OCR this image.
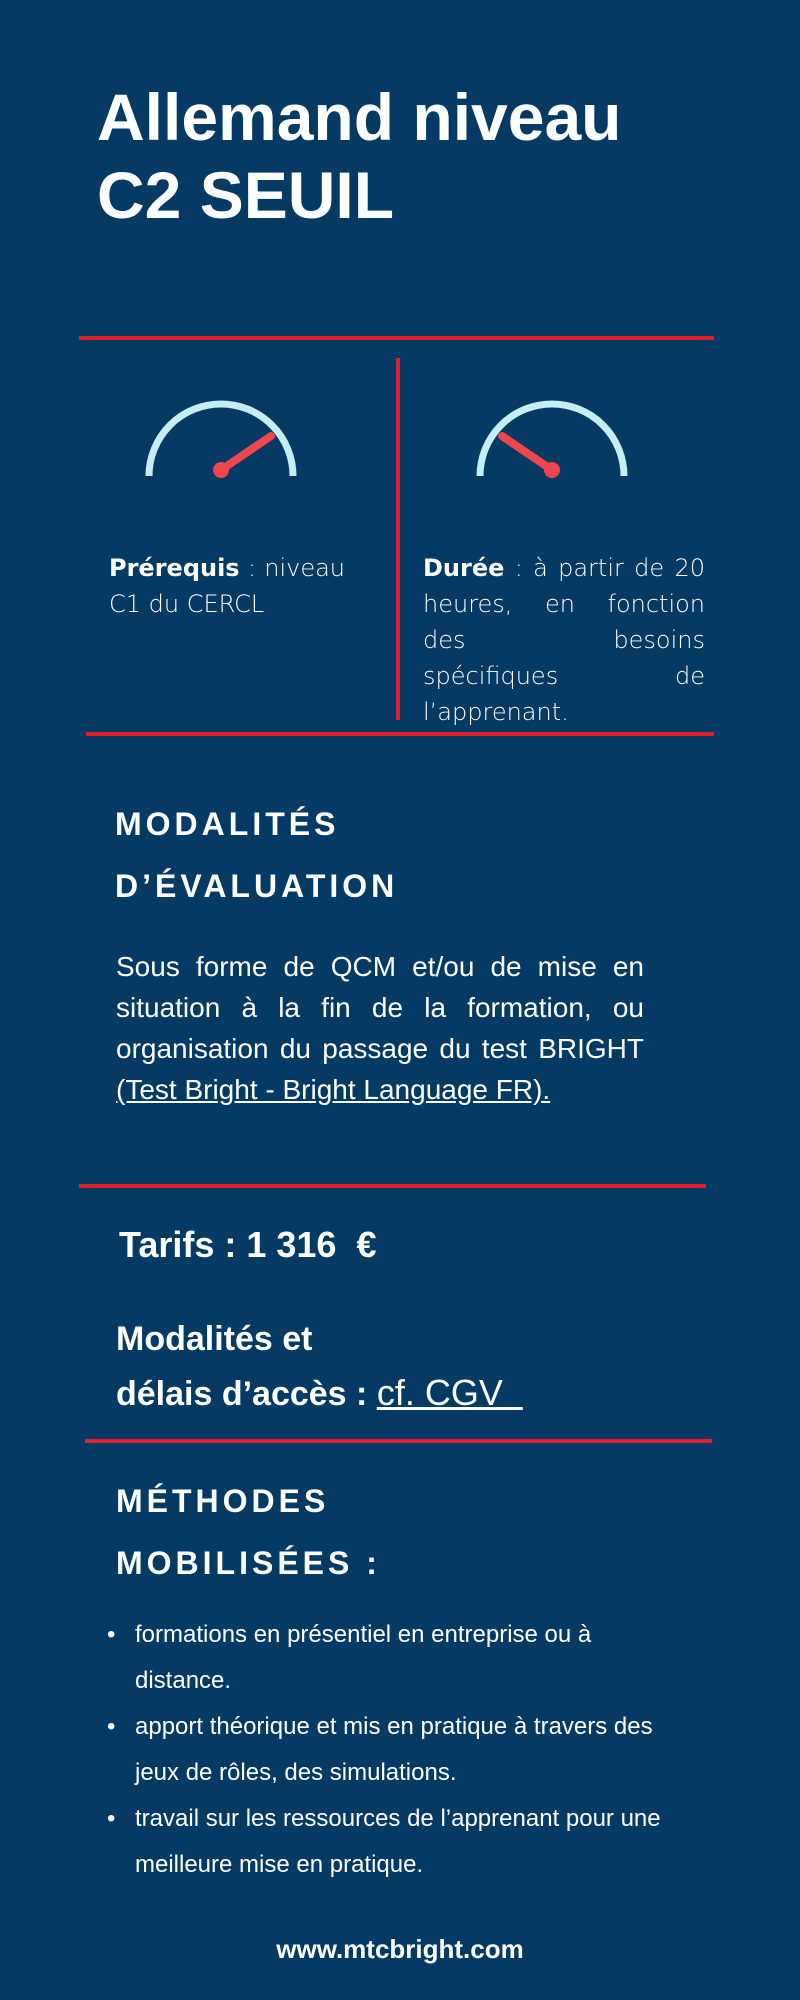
Allemand niveau
C2 SEUIL
Prérequis : niveau C1 du CERCL
Durée : à partir de 20 heures, en fonction des besoins spécifiques de l’apprenant.
MODALITÉS
D’ÉVALUATION
Sous forme de QCM et/ou de mise en situation à la fin de la formation, ou organisation du passage du test BRIGHT (Test Bright - Bright Language FR).
Tarifs : 1 316  €
Modalités et
délais d’accès : cf. CGV
MÉTHODES
MOBILISÉES :
• formations en présentiel en entreprise ou à distance.
• apport théorique et mis en pratique à travers des jeux de rôles, des simulations.
• travail sur les ressources de l’apprenant pour une meilleure mise en pratique.
www.mtcbright.com
